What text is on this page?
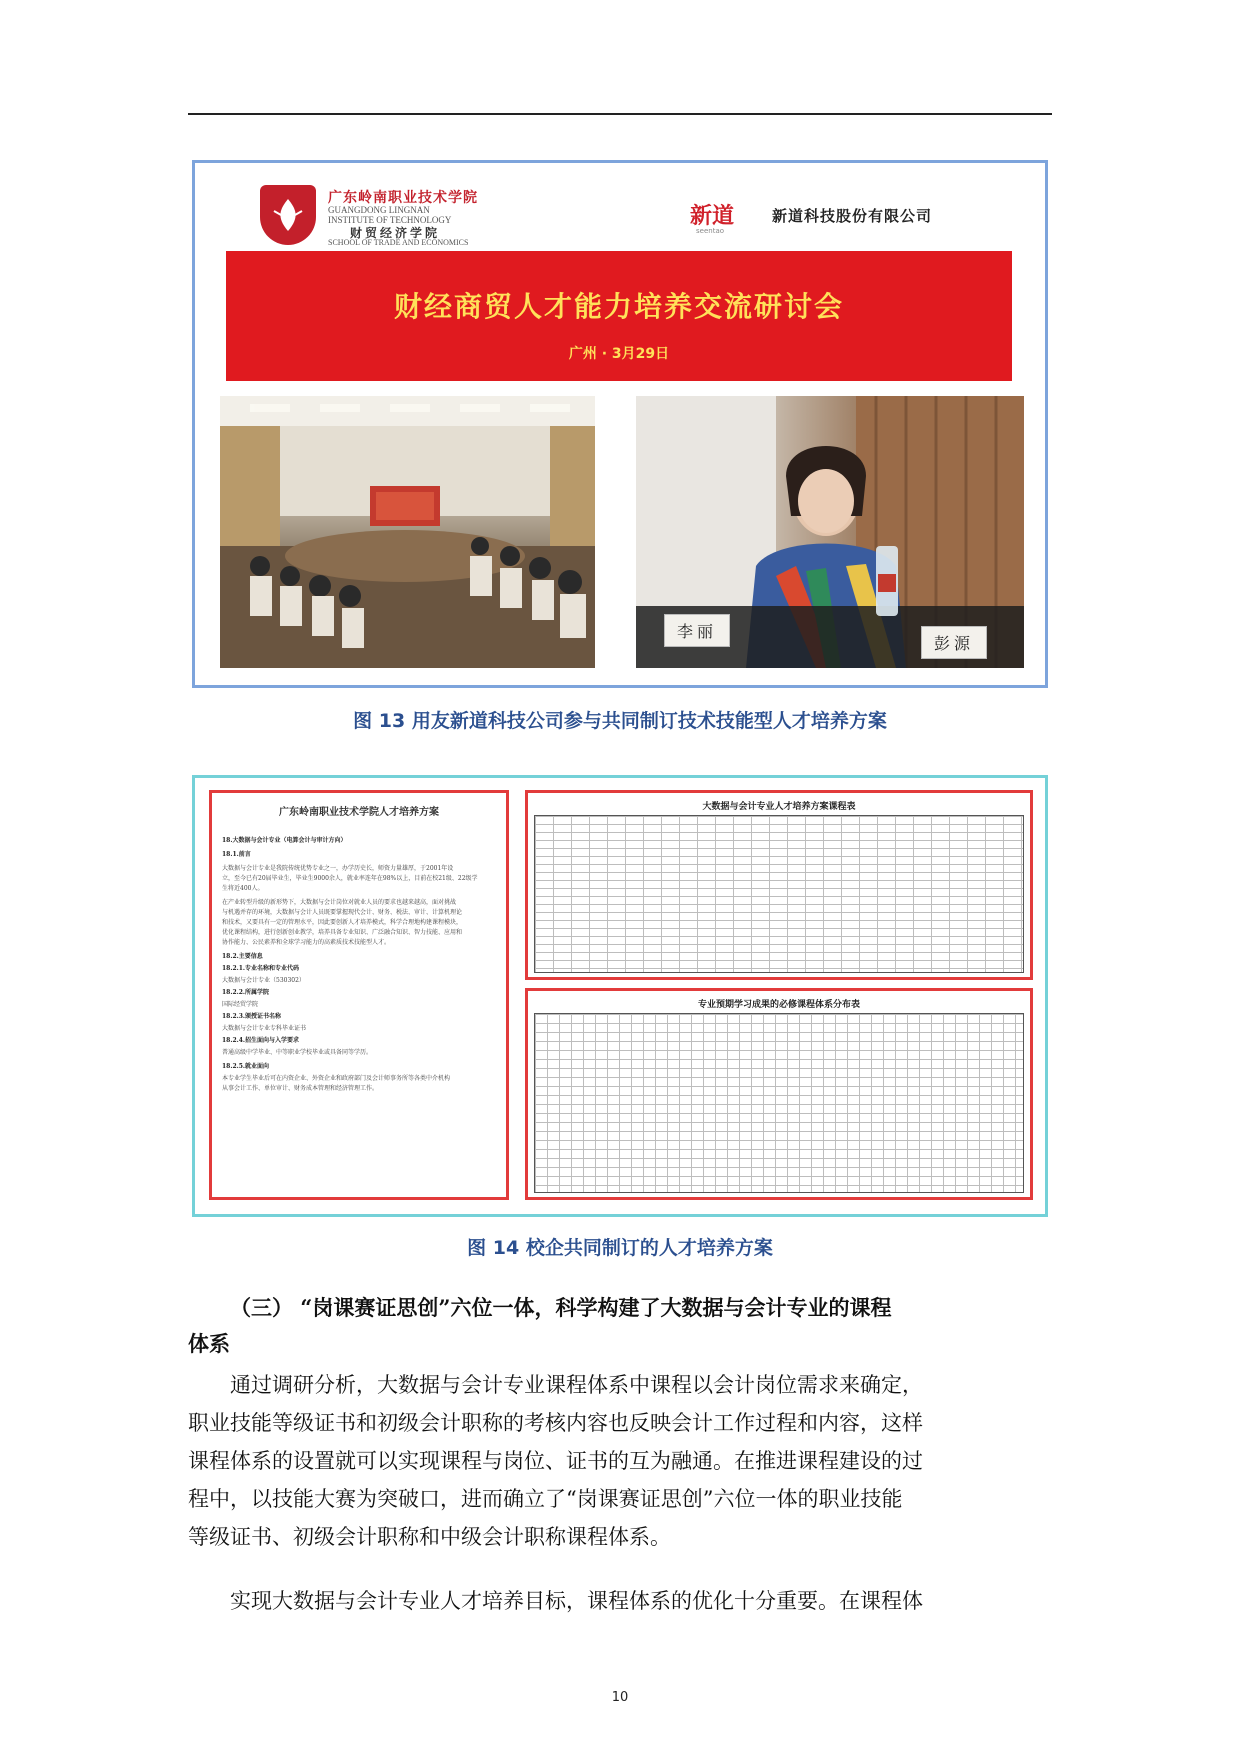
广东岭南职业技术学院
GUANGDONG LINGNAN
INSTITUTE OF TECHNOLOGY
财贸经济学院
SCHOOL OF TRADE AND ECONOMICS
新道
seentao
新道科技股份有限公司
财经商贸人才能力培养交流研讨会
广州 · 3月29日
李丽
彭源
图 13 用友新道科技公司参与共同制订技术技能型人才培养方案
广东岭南职业技术学院人才培养方案
18.大数据与会计专业（电算会计与审计方向）
18.1.前言
大数据与会计专业是我院传统优势专业之一，办学历史长，师资力量雄厚，于2001年设
立，至今已有20届毕业生，毕业生9000余人，就业率连年在98%以上，目前在校21级、22级学
生将近400人。
在产业转型升级的新形势下，大数据与会计岗位对就业人员的要求也越来越高，面对挑战
与机遇并存的环境，大数据与会计人员既要掌握现代会计、财务、税法、审计、计算机理论
和技术，又要具有一定的管理水平，因此要创新人才培养模式，科学合理地构建课程模块，
优化课程结构，进行创新创业教学，培养具备专业知识、广泛融合知识、智力技能、应用和
协作能力、公民素养和全球学习能力的高素质技术技能型人才。
18.2.主要信息
18.2.1.专业名称和专业代码
大数据与会计专业（530302）
18.2.2.所属学院
国际经贸学院
18.2.3.颁授证书名称
大数据与会计专业专科毕业证书
18.2.4.招生面向与入学要求
普通高级中学毕业、中等职业学校毕业或具备同等学历。
18.2.5.就业面向
本专业学生毕业后可在内资企业、外资企业和政府部门及会计师事务所等各类中介机构
从事会计工作、单位审计、财务成本管理和经济管理工作。
大数据与会计专业人才培养方案课程表
专业预期学习成果的必修课程体系分布表
图 14 校企共同制订的人才培养方案
（三） “岗课赛证思创”六位一体，科学构建了大数据与会计专业的课程
体系
通过调研分析，大数据与会计专业课程体系中课程以会计岗位需求来确定，
职业技能等级证书和初级会计职称的考核内容也反映会计工作过程和内容，这样
课程体系的设置就可以实现课程与岗位、证书的互为融通。在推进课程建设的过
程中，以技能大赛为突破口，进而确立了“岗课赛证思创”六位一体的职业技能
等级证书、初级会计职称和中级会计职称课程体系。
实现大数据与会计专业人才培养目标，课程体系的优化十分重要。在课程体
10
